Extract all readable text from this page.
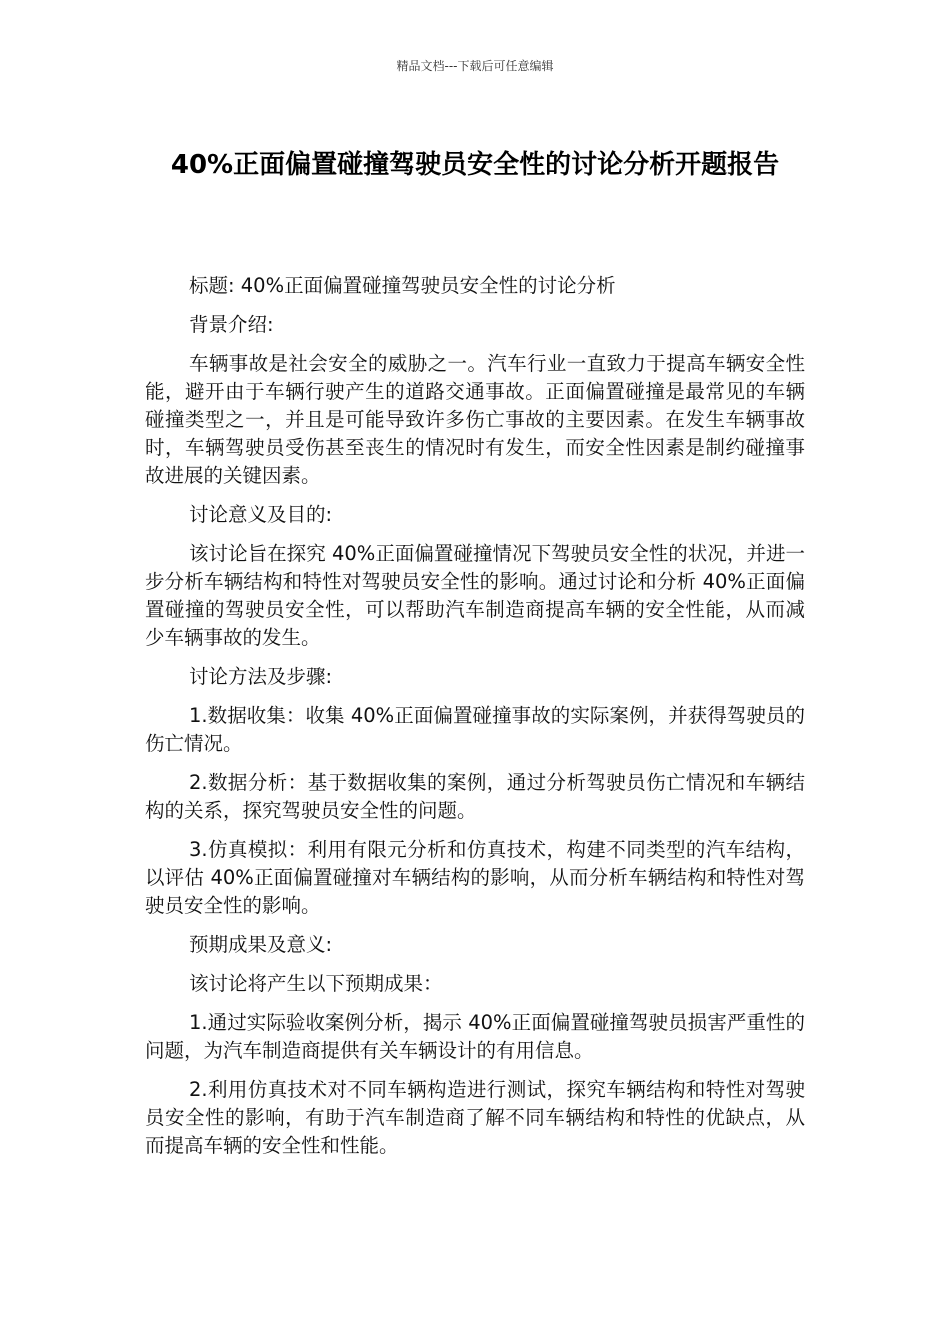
精品文档---下载后可任意编辑
40%正面偏置碰撞驾驶员安全性的讨论分析开题报告

标题: 40%正面偏置碰撞驾驶员安全性的讨论分析

背景介绍:

车辆事故是社会安全的威胁之一。汽车行业一直致力于提高车辆安全性能，避开由于车辆行驶产生的道路交通事故。正面偏置碰撞是最常见的车辆碰撞类型之一，并且是可能导致许多伤亡事故的主要因素。在发生车辆事故时，车辆驾驶员受伤甚至丧生的情况时有发生，而安全性因素是制约碰撞事故进展的关键因素。

讨论意义及目的:

该讨论旨在探究 40%正面偏置碰撞情况下驾驶员安全性的状况，并进一步分析车辆结构和特性对驾驶员安全性的影响。通过讨论和分析 40%正面偏置碰撞的驾驶员安全性，可以帮助汽车制造商提高车辆的安全性能，从而减少车辆事故的发生。

讨论方法及步骤:

1.数据收集：收集 40%正面偏置碰撞事故的实际案例，并获得驾驶员的伤亡情况。

2.数据分析：基于数据收集的案例，通过分析驾驶员伤亡情况和车辆结构的关系，探究驾驶员安全性的问题。

3.仿真模拟：利用有限元分析和仿真技术，构建不同类型的汽车结构，以评估 40%正面偏置碰撞对车辆结构的影响，从而分析车辆结构和特性对驾驶员安全性的影响。

预期成果及意义:

该讨论将产生以下预期成果：

1.通过实际验收案例分析，揭示 40%正面偏置碰撞驾驶员损害严重性的问题，为汽车制造商提供有关车辆设计的有用信息。

2.利用仿真技术对不同车辆构造进行测试，探究车辆结构和特性对驾驶员安全性的影响，有助于汽车制造商了解不同车辆结构和特性的优缺点，从而提高车辆的安全性和性能。
